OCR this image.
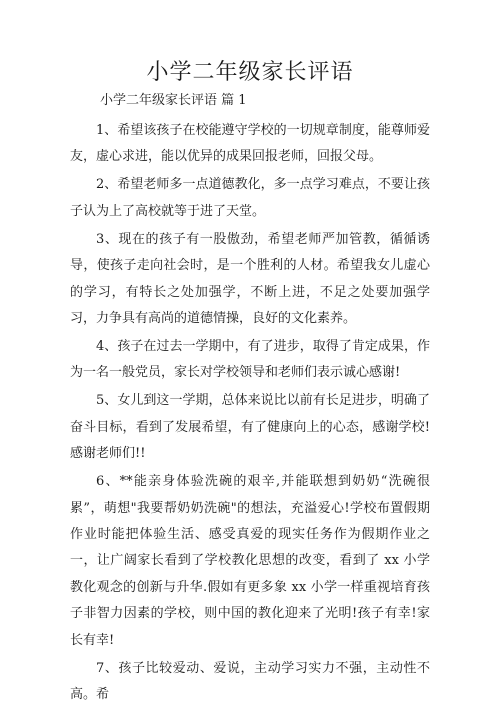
小学二年级家长评语
小学二年级家长评语 篇 1

1、希望该孩子在校能遵守学校的一切规章制度，能尊师爱友，虚心求进，能以优异的成果回报老师，回报父母。

2、希望老师多一点道德教化，多一点学习难点，不要让孩子认为上了高校就等于进了天堂。

3、现在的孩子有一股傲劲，希望老师严加管教，循循诱导，使孩子走向社会时，是一个胜利的人材。希望我女儿虚心的学习，有特长之处加强学，不断上进，不足之处要加强学习，力争具有高尚的道德情操，良好的文化素养。

4、孩子在过去一学期中，有了进步，取得了肯定成果，作为一名一般党员，家长对学校领导和老师们表示诚心感谢!

5、女儿到这一学期，总体来说比以前有长足进步，明确了奋斗目标，看到了发展希望，有了健康向上的心态，感谢学校!感谢老师们!!

6、**能亲身体验洗碗的艰辛,并能联想到奶奶“洗碗很累”，萌想"我要帮奶奶洗碗"的想法，充溢爱心!学校布置假期作业时能把体验生活、感受真爱的现实任务作为假期作业之一，让广阔家长看到了学校教化思想的改变，看到了 xx 小学教化观念的创新与升华.假如有更多象 xx 小学一样重视培育孩子非智力因素的学校，则中国的教化迎来了光明!孩子有幸!家长有幸!

7、孩子比较爱动、爱说，主动学习实力不强，主动性不高。希
